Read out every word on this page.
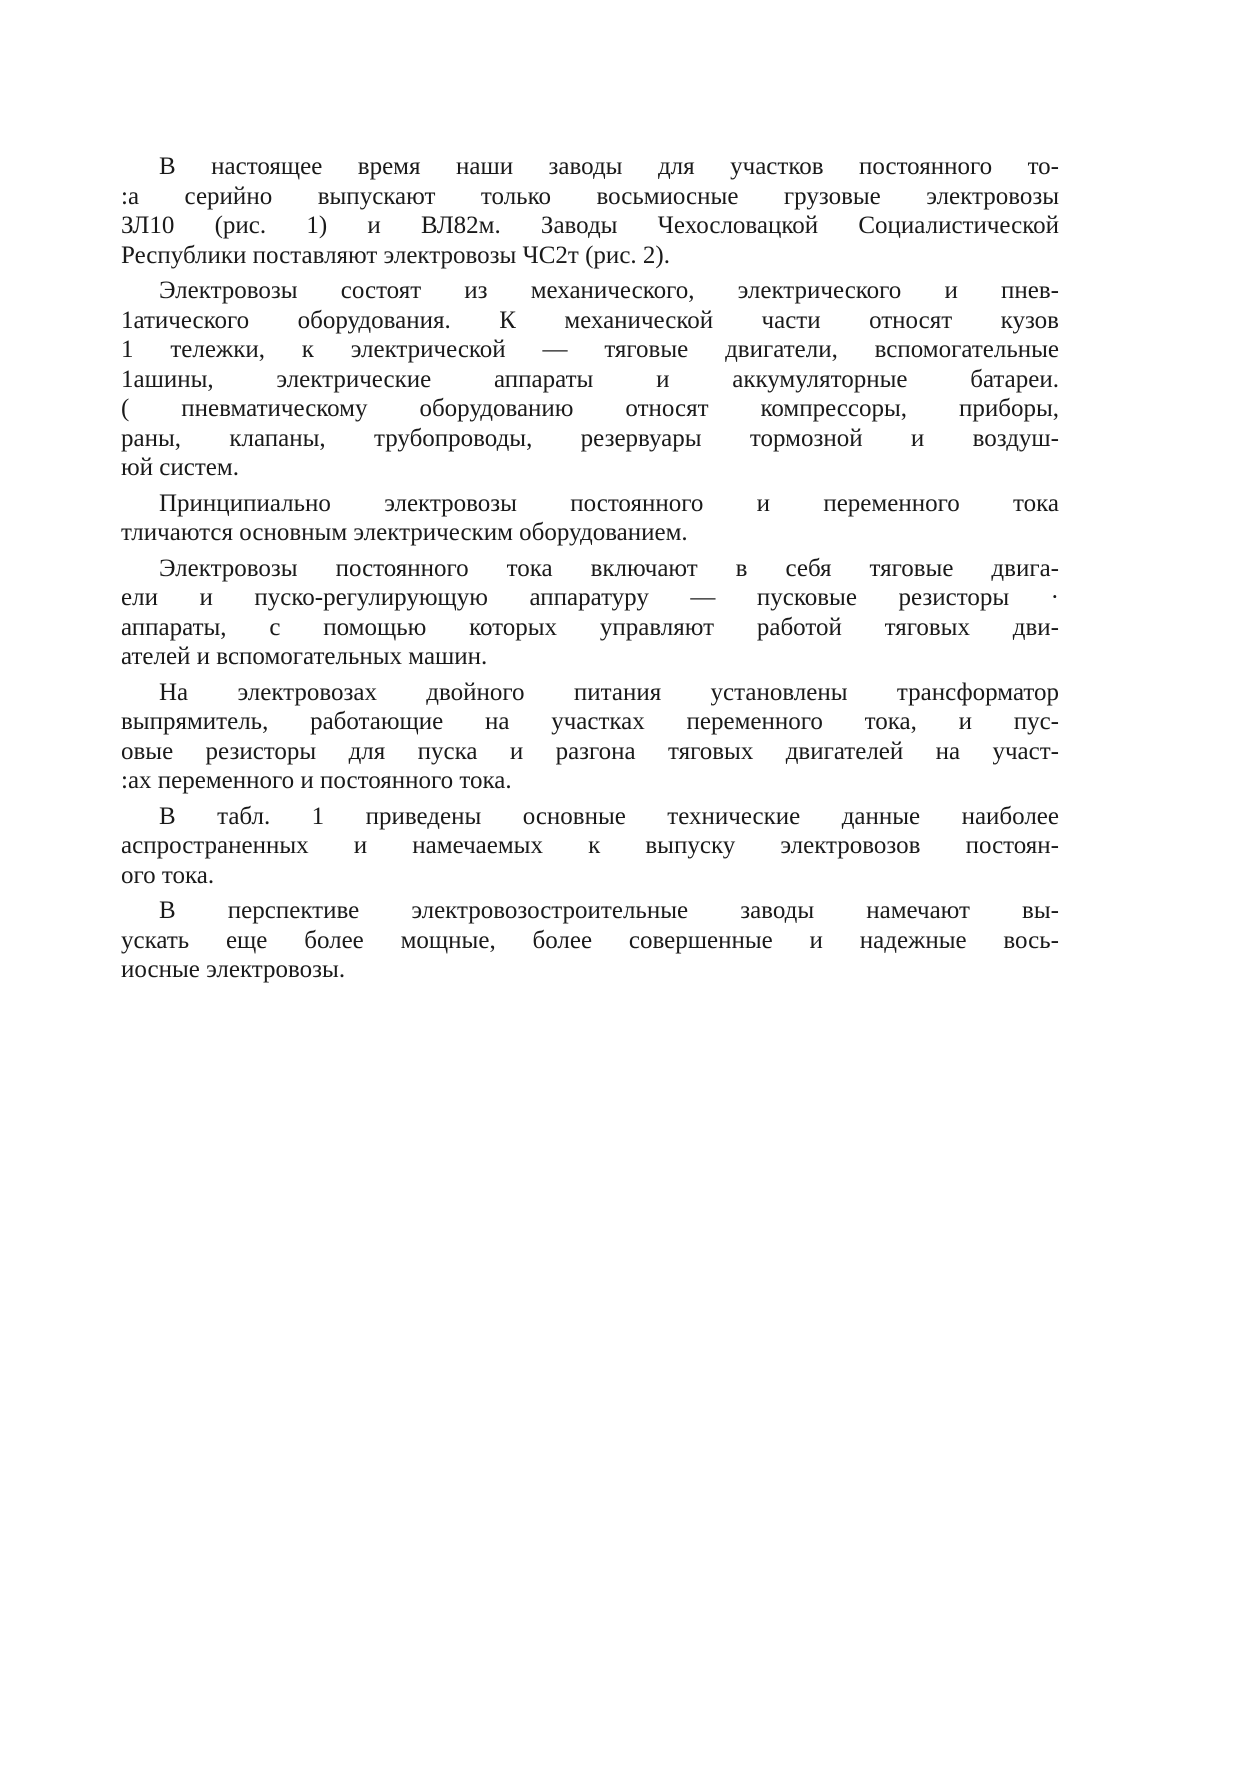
В настоящее время наши заводы для участков постоянного то-
:а серийно выпускают только восьмиосные грузовые электровозы
ЗЛ10 (рис. 1) и ВЛ82м. Заводы Чехословацкой Социалистической
Республики поставляют электровозы ЧС2т (рис. 2).
Электровозы состоят из механического, электрического и пнев-
1атического оборудования. К механической части относят кузов
1 тележки, к электрической — тяговые двигатели, вспомогательные
1ашины, электрические аппараты и аккумуляторные батареи.
( пневматическому оборудованию относят компрессоры, приборы,
раны, клапаны, трубопроводы, резервуары тормозной и воздуш-
юй систем.
Принципиально электровозы постоянного и переменного тока
тличаются основным электрическим оборудованием.
Электровозы постоянного тока включают в себя тяговые двига-
ели и пуско-регулирующую аппаратуру — пусковые резисторы ·
аппараты, с помощью которых управляют работой тяговых дви-
ателей и вспомогательных машин.
На электровозах двойного питания установлены трансформатор
выпрямитель, работающие на участках переменного тока, и пус-
овые резисторы для пуска и разгона тяговых двигателей на участ-
:ах переменного и постоянного тока.
В табл. 1 приведены основные технические данные наиболее
аспространенных и намечаемых к выпуску электровозов постоян-
ого тока.
В перспективе электровозостроительные заводы намечают вы-
ускать еще более мощные, более совершенные и надежные вось-
иосные электровозы.
